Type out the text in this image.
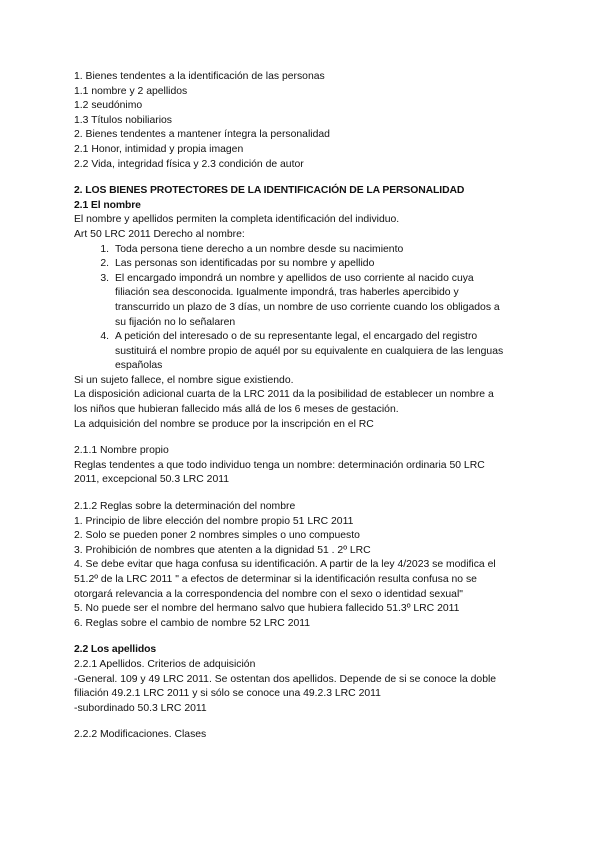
1. Bienes tendentes a la identificación de las personas
1.1 nombre y 2 apellidos
1.2 seudónimo
1.3 Títulos nobiliarios
2. Bienes tendentes a mantener íntegra la personalidad
2.1 Honor, intimidad y propia imagen
2.2 Vida, integridad física y 2.3 condición de autor
2. LOS BIENES PROTECTORES DE LA IDENTIFICACIÓN DE LA PERSONALIDAD
2.1 El nombre
El nombre y apellidos permiten la completa identificación del individuo.
Art 50 LRC 2011 Derecho al nombre:
1. Toda persona tiene derecho a un nombre desde su nacimiento
2. Las personas son identificadas por su nombre y apellido
3. El encargado impondrá un nombre y apellidos de uso corriente al nacido cuya
filiación sea desconocida. Igualmente impondrá, tras haberles apercibido y
transcurrido un plazo de 3 días, un nombre de uso corriente cuando los obligados a
su fijación no lo señalaren
4. A petición del interesado o de su representante legal, el encargado del registro
sustituirá el nombre propio de aquél por su equivalente en cualquiera de las lenguas
españolas
Si un sujeto fallece, el nombre sigue existiendo.
La disposición adicional cuarta de la LRC 2011 da la posibilidad de establecer un nombre a
los niños que hubieran fallecido más allá de los 6 meses de gestación.
La adquisición del nombre se produce por la inscripción en el RC
2.1.1 Nombre propio
Reglas tendentes a que todo individuo tenga un nombre: determinación ordinaria 50 LRC
2011, excepcional 50.3 LRC 2011
2.1.2 Reglas sobre la determinación del nombre
1. Principio de libre elección del nombre propio 51 LRC 2011
2. Solo se pueden poner 2 nombres simples o uno compuesto
3. Prohibición de nombres que atenten a la dignidad 51 . 2º LRC
4. Se debe evitar que haga confusa su identificación. A partir de la ley 4/2023 se modifica el
51.2º de la LRC 2011 " a efectos de determinar si la identificación resulta confusa no se
otorgará relevancia a la correspondencia del nombre con el sexo o identidad sexual"
5. No puede ser el nombre del hermano salvo que hubiera fallecido 51.3º LRC 2011
6. Reglas sobre el cambio de nombre 52 LRC 2011
2.2 Los apellidos
2.2.1 Apellidos. Criterios de adquisición
-General. 109 y 49 LRC 2011. Se ostentan dos apellidos. Depende de si se conoce la doble
filiación 49.2.1 LRC 2011 y si sólo se conoce una 49.2.3 LRC 2011
-subordinado 50.3 LRC 2011
2.2.2 Modificaciones. Clases
